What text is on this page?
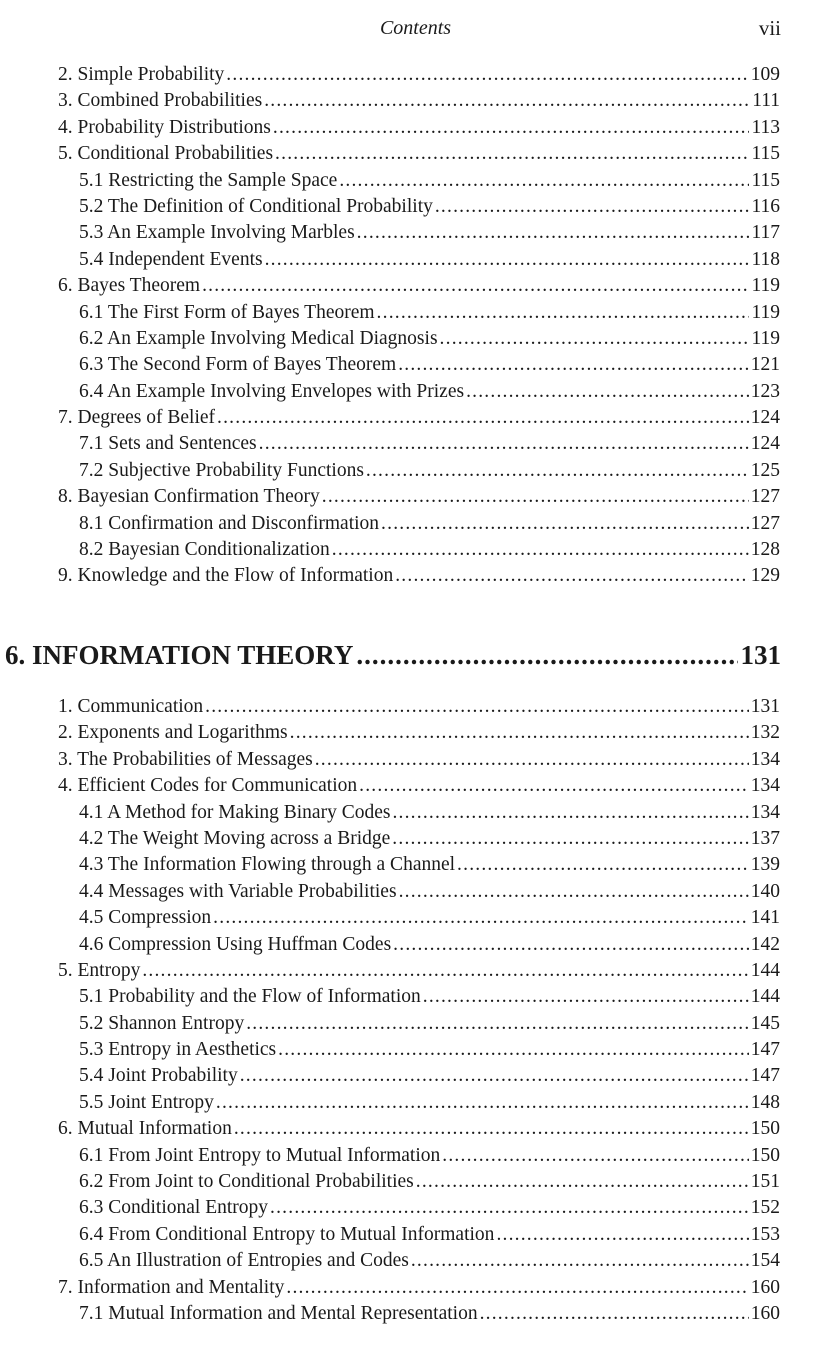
Contents	vii
2. Simple Probability .....	109
3. Combined Probabilities .....	111
4. Probability Distributions .....	113
5. Conditional Probabilities .....	115
5.1 Restricting the Sample Space .....	115
5.2 The Definition of Conditional Probability .....	116
5.3 An Example Involving Marbles .....	117
5.4 Independent Events .....	118
6. Bayes Theorem .....	119
6.1 The First Form of Bayes Theorem .....	119
6.2 An Example Involving Medical Diagnosis .....	119
6.3 The Second Form of Bayes Theorem .....	121
6.4 An Example Involving Envelopes with Prizes .....	123
7. Degrees of Belief .....	124
7.1 Sets and Sentences .....	124
7.2 Subjective Probability Functions .....	125
8. Bayesian Confirmation Theory .....	127
8.1 Confirmation and Disconfirmation .....	127
8.2 Bayesian Conditionalization .....	128
9. Knowledge and the Flow of Information .....	129
6. INFORMATION THEORY .....	131
1. Communication .....	131
2. Exponents and Logarithms .....	132
3. The Probabilities of Messages .....	134
4. Efficient Codes for Communication .....	134
4.1 A Method for Making Binary Codes .....	134
4.2 The Weight Moving across a Bridge .....	137
4.3 The Information Flowing through a Channel .....	139
4.4 Messages with Variable Probabilities .....	140
4.5 Compression .....	141
4.6 Compression Using Huffman Codes .....	142
5. Entropy .....	144
5.1 Probability and the Flow of Information .....	144
5.2 Shannon Entropy .....	145
5.3 Entropy in Aesthetics .....	147
5.4 Joint Probability .....	147
5.5 Joint Entropy .....	148
6. Mutual Information .....	150
6.1 From Joint Entropy to Mutual Information .....	150
6.2 From Joint to Conditional Probabilities .....	151
6.3 Conditional Entropy .....	152
6.4 From Conditional Entropy to Mutual Information .....	153
6.5 An Illustration of Entropies and Codes .....	154
7. Information and Mentality .....	160
7.1 Mutual Information and Mental Representation .....	160
